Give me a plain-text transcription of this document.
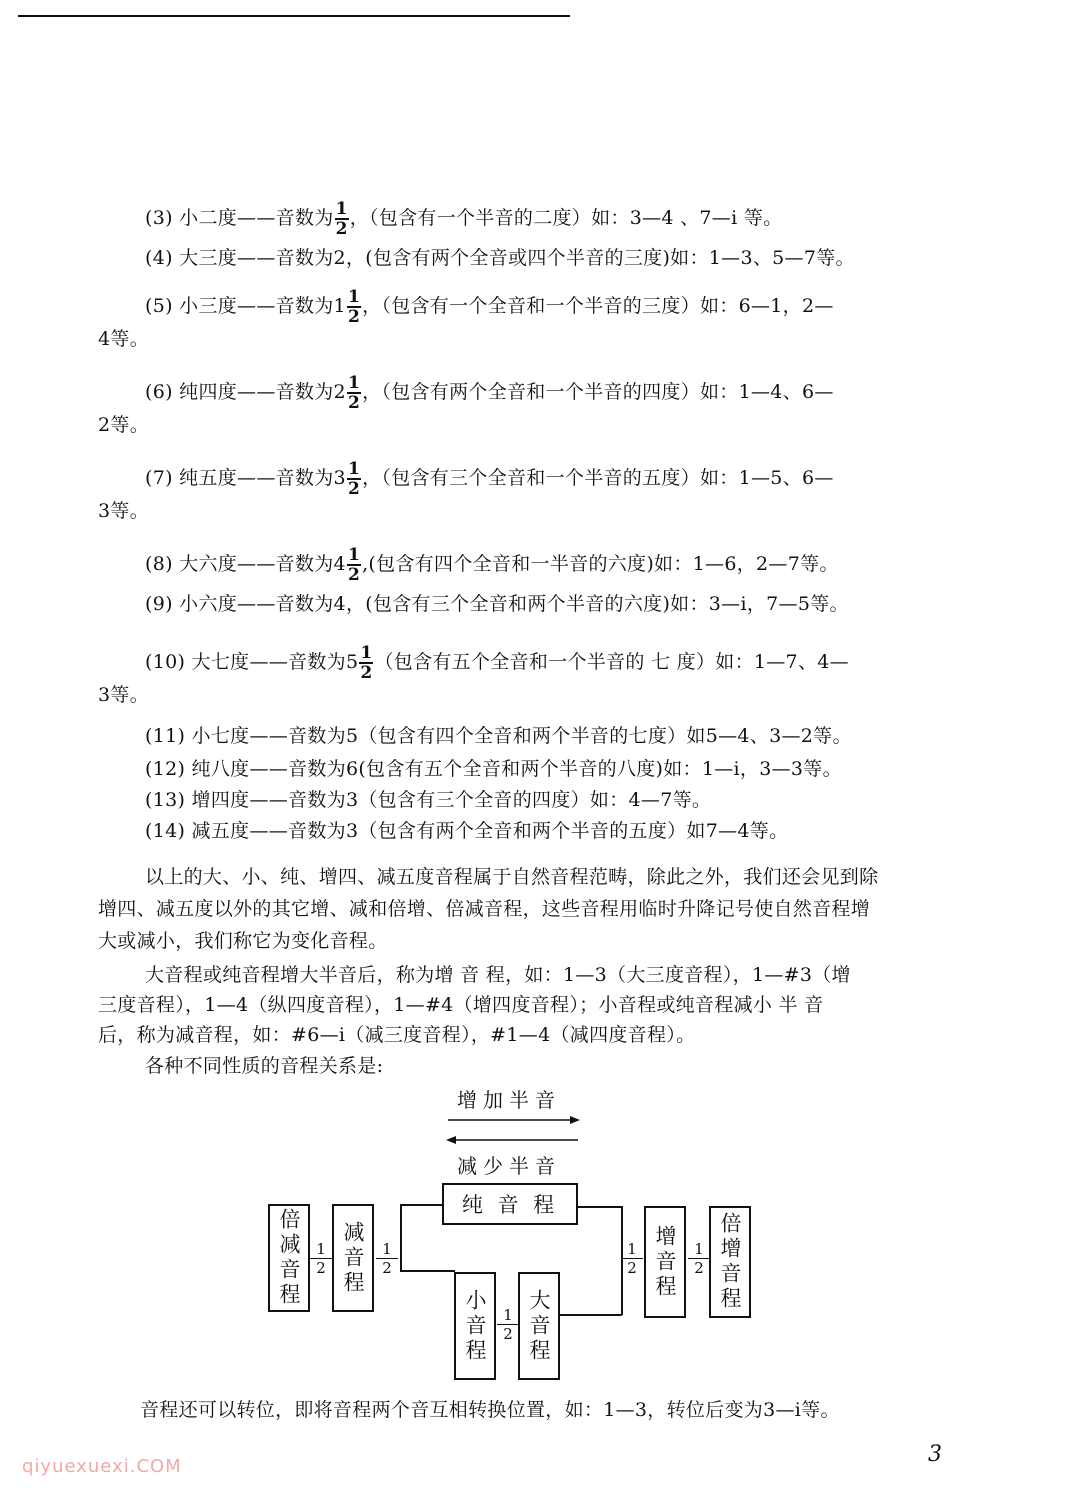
(3) 小二度——音数为 $\frac{1}{2}$ ，（包含有一个半音的二度）如：3—4 、7—i 等。
(4) 大三度——音数为2，(包含有两个全音或四个半音的三度)如：1—3、5—7等。
(5) 小三度——音数为$1 \frac{1}{2}$ ，（包含有一个全音和一个半音的三度）如：6—1，2—
4等。
(6) 纯四度——音数为$2 \frac{1}{2}$ ，（包含有两个全音和一个半音的四度）如：1—4、6—
2等。
(7) 纯五度——音数为$3 \frac{1}{2}$ ，（包含有三个全音和一个半音的五度）如：1—5、6—
3等。
(8) 大六度——音数为$4 \frac{1}{2}$ ,(包含有四个全音和一半音的六度)如：1—6，2—7等。
(9) 小六度——音数为4，(包含有三个全音和两个半音的六度)如：3—i，7—5等。
(10) 大七度——音数为$5 \frac{1}{2}$ （包含有五个全音和一个半音的 七 度）如：1—7、4—
3等。
(11) 小七度——音数为5（包含有四个全音和两个半音的七度）如5—4、3—2等。
(12) 纯八度——音数为6(包含有五个全音和两个半音的八度)如：1—i，3—3等。
(13) 增四度——音数为3（包含有三个全音的四度）如：4—7等。
(14) 减五度——音数为3（包含有两个全音和两个半音的五度）如7—4等。
以上的大、小、纯、增四、减五度音程属于自然音程范畴，除此之外，我们还会见到除
增四、减五度以外的其它增、减和倍增、倍减音程，这些音程用临时升降记号使自然音程增
大或减小，我们称它为变化音程。
大音程或纯音程增大半音后，称为增 音 程，如：1—3（大三度音程），1—#3（增
三度音程），1—4（纵四度音程），1—#4（增四度音程）；小音程或纯音程减小 半 音
后，称为减音程，如：#6—i（减三度音程），#1—4（减四度音程）。
各种不同性质的音程关系是:
增加半音
减少半音
纯 音 程
倍减音程	1
2 减音程	1
2
小音程	1
2 大音程
1
2 增音程	1
2 倍增音程
音程还可以转位，即将音程两个音互相转换位置，如：1—3，转位后变为3—i等。
3
qiyuexuexi.COM
